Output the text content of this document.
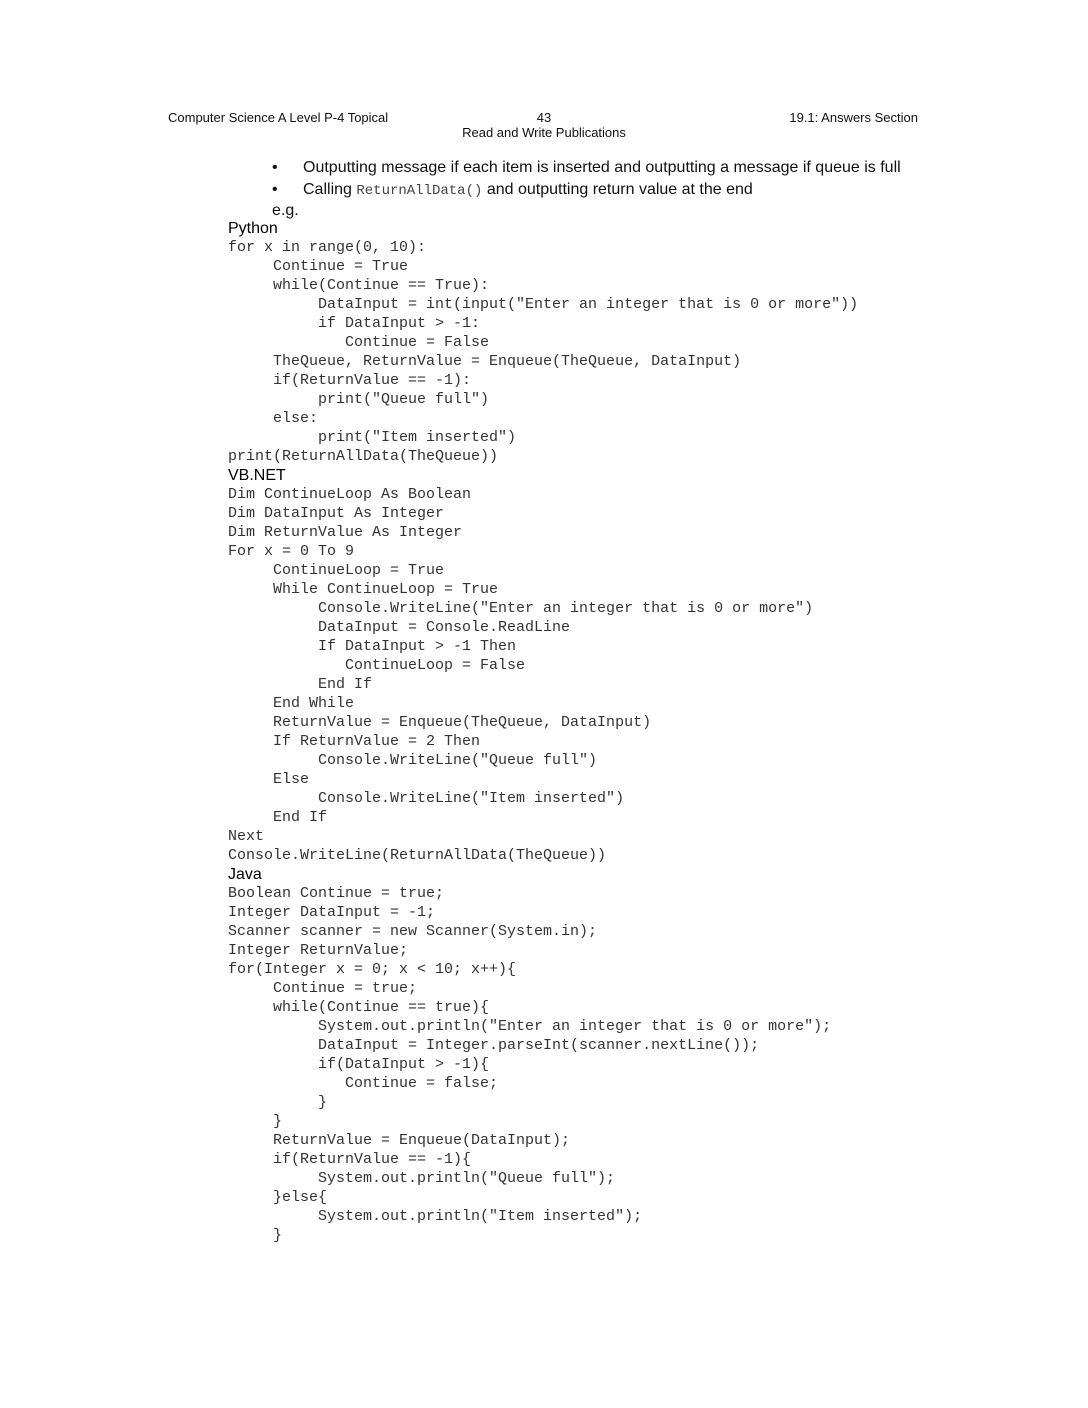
Computer Science A Level P-4 Topical	43
Read and Write Publications
19.1: Answers Section
• Outputting message if each item is inserted and outputting a message if queue is full
• Calling ReturnAllData() and outputting return value at the end
e.g.
Python
for x in range(0, 10):
Continue = True
while(Continue == True):
DataInput = int(input("Enter an integer that is 0 or more"))
if DataInput > -1:
Continue = False
TheQueue, ReturnValue = Enqueue(TheQueue, DataInput)
if(ReturnValue == -1):
print("Queue full")
else:
print("Item inserted")
print(ReturnAllData(TheQueue))
VB.NET
Dim ContinueLoop As Boolean
Dim DataInput As Integer
Dim ReturnValue As Integer
For x = 0 To 9
ContinueLoop = True
While ContinueLoop = True
Console.WriteLine("Enter an integer that is 0 or more")
DataInput = Console.ReadLine
If DataInput > -1 Then
ContinueLoop = False
End If
End While
ReturnValue = Enqueue(TheQueue, DataInput)
If ReturnValue = 2 Then
Console.WriteLine("Queue full")
Else
Console.WriteLine("Item inserted")
End If
Next
Console.WriteLine(ReturnAllData(TheQueue))
Java
Boolean Continue = true;
Integer DataInput = -1;
Scanner scanner = new Scanner(System.in);
Integer ReturnValue;
for(Integer x = 0; x < 10; x++){
Continue = true;
while(Continue == true){
System.out.println("Enter an integer that is 0 or more");
DataInput = Integer.parseInt(scanner.nextLine());
if(DataInput > -1){
Continue = false;
}
}
ReturnValue = Enqueue(DataInput);
if(ReturnValue == -1){
System.out.println("Queue full");
}else{
System.out.println("Item inserted");
}
